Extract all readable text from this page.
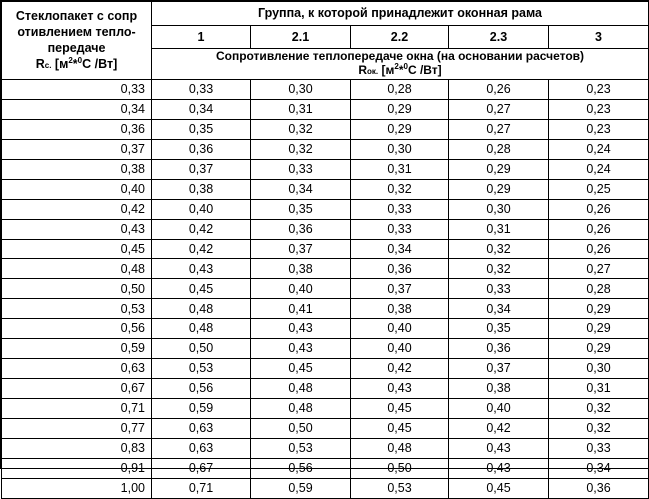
Стеклопакет с сопр
отивлением тепло-
передаче
Rс. [$м^2*^0С$ /Вт]	Группа, к которой принадлежит оконная рама				
	1	2.1	2.2	2.3	3
	Сопротивление теплопередаче окна (на основании расчетов)
Rок. [$м^2*^0С$ /Вт]				
0,33	0,33	0,30	0,28	0,26	0,23
0,34	0,34	0,31	0,29	0,27	0,23
0,36	0,35	0,32	0,29	0,27	0,23
0,37	0,36	0,32	0,30	0,28	0,24
0,38	0,37	0,33	0,31	0,29	0,24
0,40	0,38	0,34	0,32	0,29	0,25
0,42	0,40	0,35	0,33	0,30	0,26
0,43	0,42	0,36	0,33	0,31	0,26
0,45	0,42	0,37	0,34	0,32	0,26
0,48	0,43	0,38	0,36	0,32	0,27
0,50	0,45	0,40	0,37	0,33	0,28
0,53	0,48	0,41	0,38	0,34	0,29
0,56	0,48	0,43	0,40	0,35	0,29
0,59	0,50	0,43	0,40	0,36	0,29
0,63	0,53	0,45	0,42	0,37	0,30
0,67	0,56	0,48	0,43	0,38	0,31
0,71	0,59	0,48	0,45	0,40	0,32
0,77	0,63	0,50	0,45	0,42	0,32
0,83	0,63	0,53	0,48	0,43	0,33
0,91	0,67	0,56	0,50	0,43	0,34
1,00	0,71	0,59	0,53	0,45	0,36
